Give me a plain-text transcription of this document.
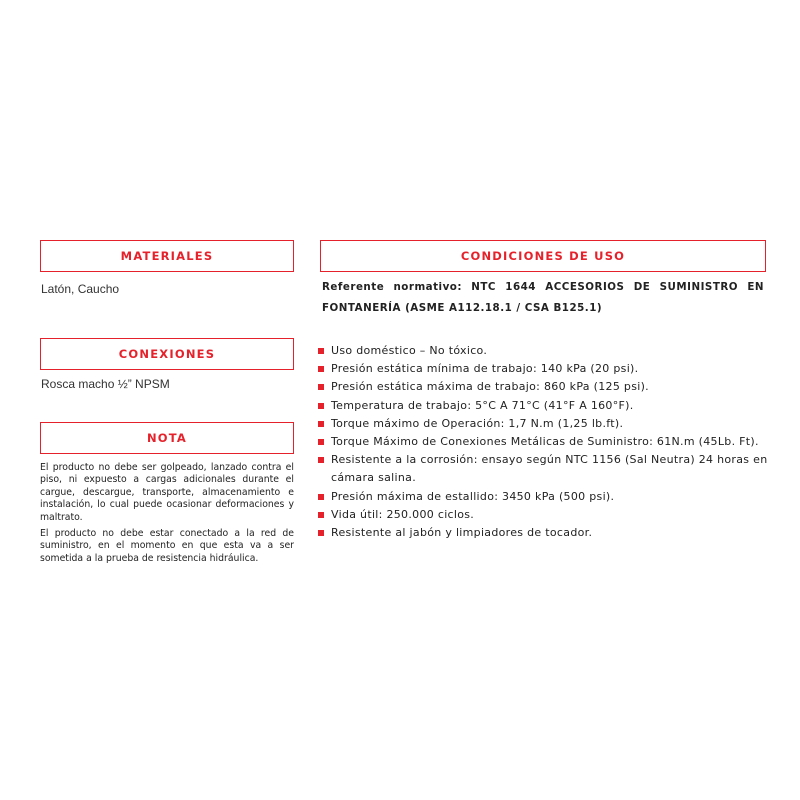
MATERIALES
Latón, Caucho
CONEXIONES
Rosca macho ½” NPSM
NOTA
El producto no debe ser golpeado, lanzado contra el piso, ni expuesto a cargas adicionales durante el cargue, descargue, transporte, almacenamiento e instalación, lo cual puede ocasionar deformaciones y maltrato.
El producto no debe estar conectado a la red de suministro, en el momento en que esta va a ser sometida a la prueba de resistencia hidráulica.
CONDICIONES DE USO
Referente normativo: NTC 1644 ACCESORIOS DE SUMINISTRO EN FONTANERÍA (ASME A112.18.1 / CSA B125.1)
Uso doméstico – No tóxico.
Presión estática mínima de trabajo: 140 kPa (20 psi).
Presión estática máxima de trabajo: 860 kPa (125 psi).
Temperatura de trabajo: 5°C A 71°C (41°F A 160°F).
Torque máximo de Operación: 1,7 N.m (1,25 lb.ft).
Torque Máximo de Conexiones Metálicas de Suministro: 61N.m (45Lb. Ft).
Resistente a la corrosión: ensayo según NTC 1156 (Sal Neutra) 24 horas en cámara salina.
Presión máxima de estallido: 3450 kPa (500 psi).
Vida útil: 250.000 ciclos.
Resistente al jabón y limpiadores de tocador.
